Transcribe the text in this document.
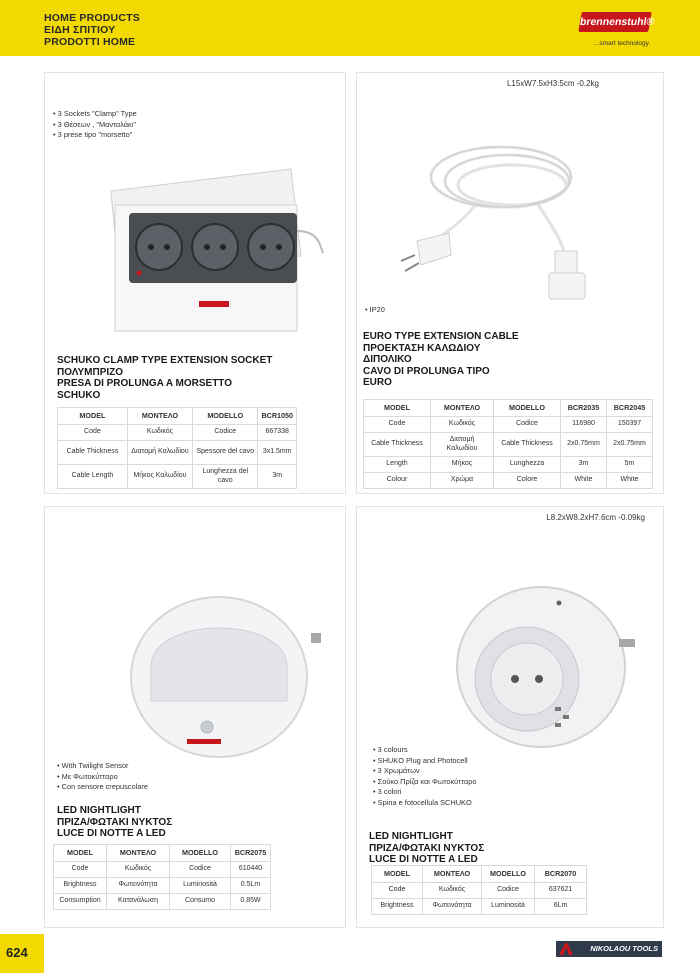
HOME PRODUCTS
ΕΙΔΗ ΣΠΙΤΙΟΥ
PRODOTTI HOME
brennenstuhl®
...smart technology.
• 3 Sockets "Clamp" Type
• 3 Θέσεων , "Μανταλάκι"
• 3 prese tipo "morsetto"
SCHUKO CLAMP TYPE EXTENSION SOCKET
ΠΟΛΥΜΠΡΙΖΟ
PRESA DI PROLUNGA A MORSETTO
SCHUKO
MODEL	ΜΟΝΤΕΛΟ	MODELLO	BCR1050
Code	Κωδικός	Codice	667338
Cable Thickness	Διατομή Καλωδίου	Spessore del cavo	3x1.5mm
Cable Length	Μήκος Καλωδίου	Lunghezza del cavo	3m
L15xW7.5xH3.5cm -0.2kg
• IP20
EURO TYPE EXTENSION CABLE
ΠΡΟΕΚΤΑΣΗ ΚΑΛΩΔΙΟΥ
ΔΙΠΟΛΙΚΟ
CAVO DI PROLUNGA TIPO
EURO
MODEL	ΜΟΝΤΕΛΟ	MODELLO	BCR2035	BCR2045
Code	Κωδικός	Codice	116980	150397
Cable Thickness	Διατομή Καλωδίου	Cable Thickness	2x0.75mm	2x0.75mm
Length	Μήκος	Lunghezza	3m	5m
Colour	Χρώμα	Colore	White	White
• With Twilight Sensor
• Με Φωτοκύτταρο
• Con sensore crepuscolare
LED NIGHTLIGHT
ΠΡΙΖΑ/ΦΩΤΑΚΙ ΝΥΚΤΟΣ
LUCE DI NOTTE A LED
MODEL	ΜΟΝΤΕΛΟ	MODELLO	BCR2075
Code	Κωδικός	Codice	610440
Brightness	Φωτεινότητα	Luminosità	0.5Lm
Consumption	Κατανάλωση	Consumo	0.85W
L8.2xW8.2xH7.6cm -0.09kg
• 3 colours
• SHUKO Plug and Photocell
• 3 Χρωμάτων
• Σούκο Πρίζα και Φωτοκύτταρο
• 3 colori
• Spina e fotocellula SCHUKO
LED NIGHTLIGHT
ΠΡΙΖΑ/ΦΩΤΑΚΙ ΝΥΚΤΟΣ
LUCE DI NOTTE A LED
MODEL	ΜΟΝΤΕΛΟ	MODELLO	BCR2070
Code	Κωδικός	Codice	637621
Brightness	Φωτεινότητα	Luminosità	6Lm
624	NIKOLAOU TOOLS
